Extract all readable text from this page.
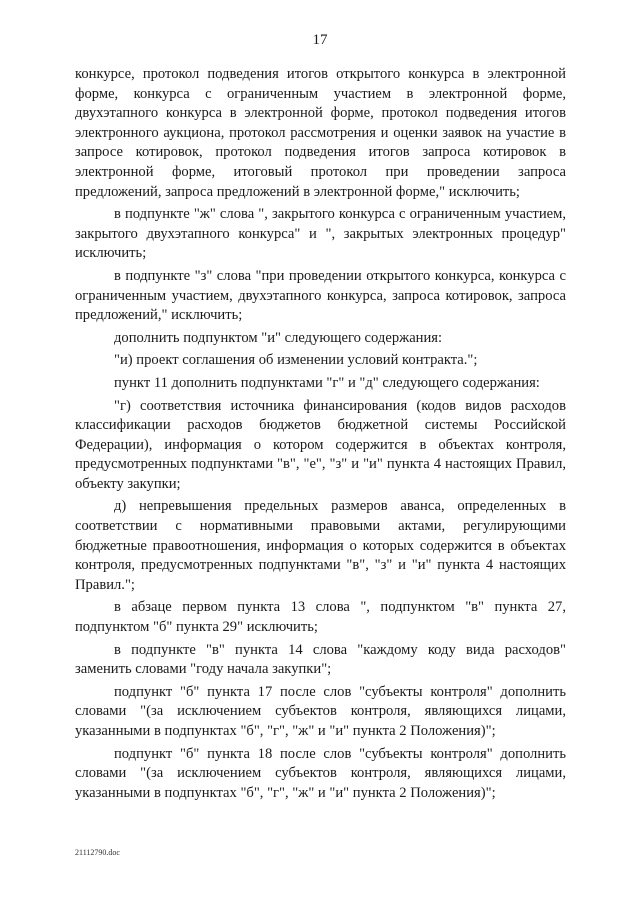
17

конкурсе, протокол подведения итогов открытого конкурса в электронной форме, конкурса с ограниченным участием в электронной форме, двухэтапного конкурса в электронной форме, протокол подведения итогов электронного аукциона, протокол рассмотрения и оценки заявок на участие в запросе котировок, протокол подведения итогов запроса котировок в электронной форме, итоговый протокол при проведении запроса предложений, запроса предложений в электронной форме," исключить;

в подпункте "ж" слова ", закрытого конкурса с ограниченным участием, закрытого двухэтапного конкурса" и ", закрытых электронных процедур" исключить;

в подпункте "з" слова "при проведении открытого конкурса, конкурса с ограниченным участием, двухэтапного конкурса, запроса котировок, запроса предложений," исключить;

дополнить подпунктом "и" следующего содержания:

"и) проект соглашения об изменении условий контракта.";

пункт 11 дополнить подпунктами "г" и "д" следующего содержания:

"г) соответствия источника финансирования (кодов видов расходов классификации расходов бюджетов бюджетной системы Российской Федерации), информация о котором содержится в объектах контроля, предусмотренных подпунктами "в", "е", "з" и "и" пункта 4 настоящих Правил, объекту закупки;

д) непревышения предельных размеров аванса, определенных в соответствии с нормативными правовыми актами, регулирующими бюджетные правоотношения, информация о которых содержится в объектах контроля, предусмотренных подпунктами "в", "з" и "и" пункта 4 настоящих Правил.";

в абзаце первом пункта 13 слова ", подпунктом "в" пункта 27, подпунктом "б" пункта 29" исключить;

в подпункте "в" пункта 14 слова "каждому коду вида расходов" заменить словами "году начала закупки";

подпункт "б" пункта 17 после слов "субъекты контроля" дополнить словами "(за исключением субъектов контроля, являющихся лицами, указанными в подпунктах "б", "г", "ж" и "и" пункта 2 Положения)";

подпункт "б" пункта 18 после слов "субъекты контроля" дополнить словами "(за исключением субъектов контроля, являющихся лицами, указанными в подпунктах "б", "г", "ж" и "и" пункта 2 Положения)";

21112790.doc
